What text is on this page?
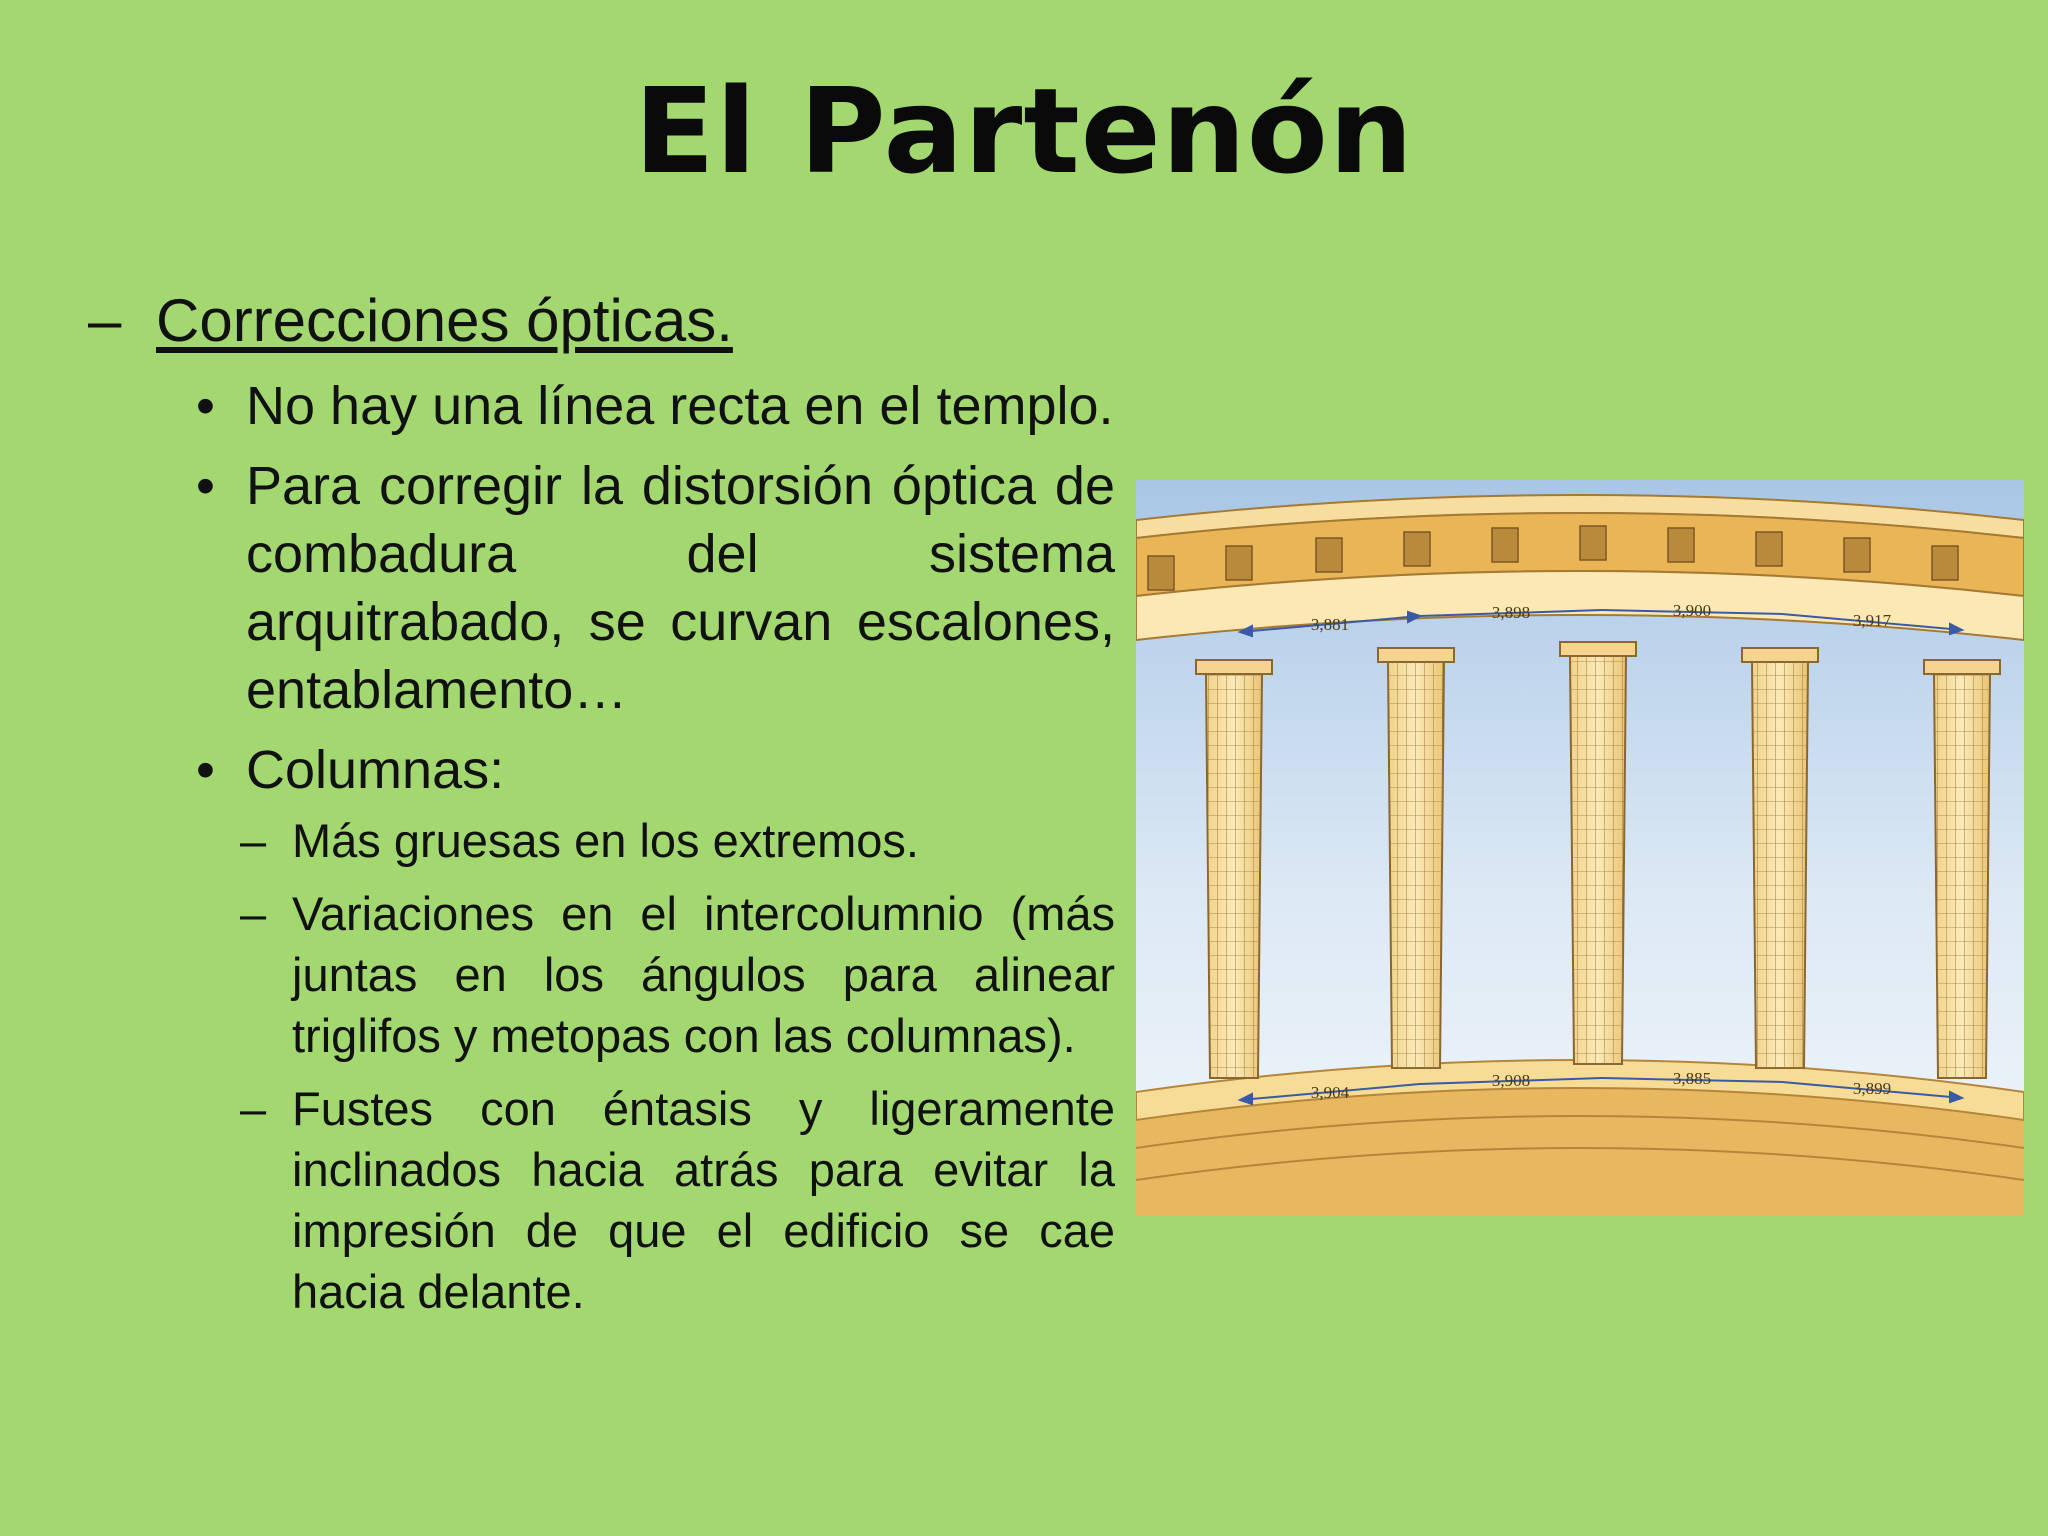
El Partenón
– Correcciones ópticas.
• No hay una línea recta en el templo.
• Para corregir la distorsión óptica de combadura del sistema arquitrabado, se curvan escalones, entablamento…
• Columnas:
– Más gruesas en los extremos.
– Variaciones en el intercolumnio (más juntas en los ángulos para alinear triglifos y metopas con las columnas).
– Fustes con éntasis y ligeramente inclinados hacia atrás para evitar la impresión de que el edificio se cae hacia delante.
3,881
3,898	3,900
3,917
3,904
3,908	3,885
3,899
